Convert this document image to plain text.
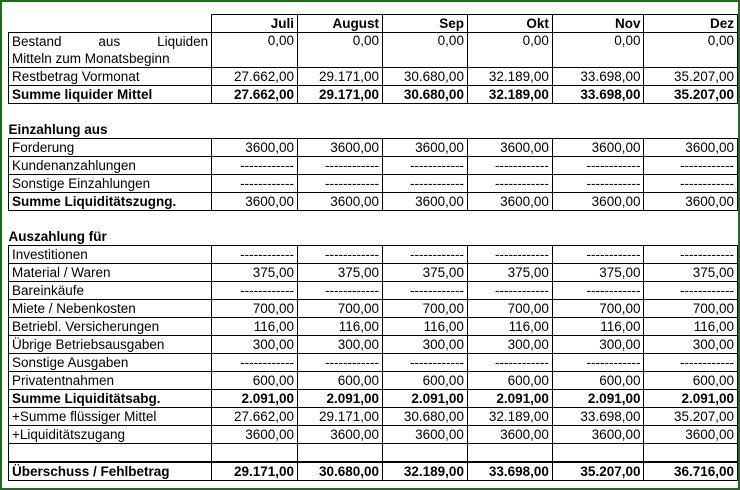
	Juli	August	Sep	Okt	Nov	Dez

Bestand aus Liquiden
Mitteln zum Monatsbeginn	0,00	0,00	0,00	0,00	0,00	0,00
Restbetrag Vormonat	27.662,00	29.171,00	30.680,00	32.189,00	33.698,00	35.207,00
Summe liquider Mittel	27.662,00	29.171,00	30.680,00	32.189,00	33.698,00	35.207,00

Einzahlung aus						
Forderung	3600,00	3600,00	3600,00	3600,00	3600,00	3600,00
Kundenanzahlungen	------------	------------	------------	------------	------------	------------
Sonstige Einzahlungen	------------	------------	------------	------------	------------	------------
Summe Liquiditätszugng.	3600,00	3600,00	3600,00	3600,00	3600,00	3600,00

Auszahlung für						
Investitionen	------------	------------	------------	------------	------------	------------
Material / Waren	375,00	375,00	375,00	375,00	375,00	375,00
Bareinkäufe	------------	------------	------------	------------	------------	------------
Miete / Nebenkosten	700,00	700,00	700,00	700,00	700,00	700,00
Betriebl. Versicherungen	116,00	116,00	116,00	116,00	116,00	116,00
Übrige Betriebsausgaben	300,00	300,00	300,00	300,00	300,00	300,00
Sonstige Ausgaben	------------	------------	------------	------------	------------	------------
Privatentnahmen	600,00	600,00	600,00	600,00	600,00	600,00
Summe Liquiditätsabg.	2.091,00	2.091,00	2.091,00	2.091,00	2.091,00	2.091,00
+Summe flüssiger Mittel	27.662,00	29.171,00	30.680,00	32.189,00	33.698,00	35.207,00
+Liquiditätszugang	3600,00	3600,00	3600,00	3600,00	3600,00	3600,00

Überschuss / Fehlbetrag	29.171,00	30.680,00	32.189,00	33.698,00	35.207,00	36.716,00
